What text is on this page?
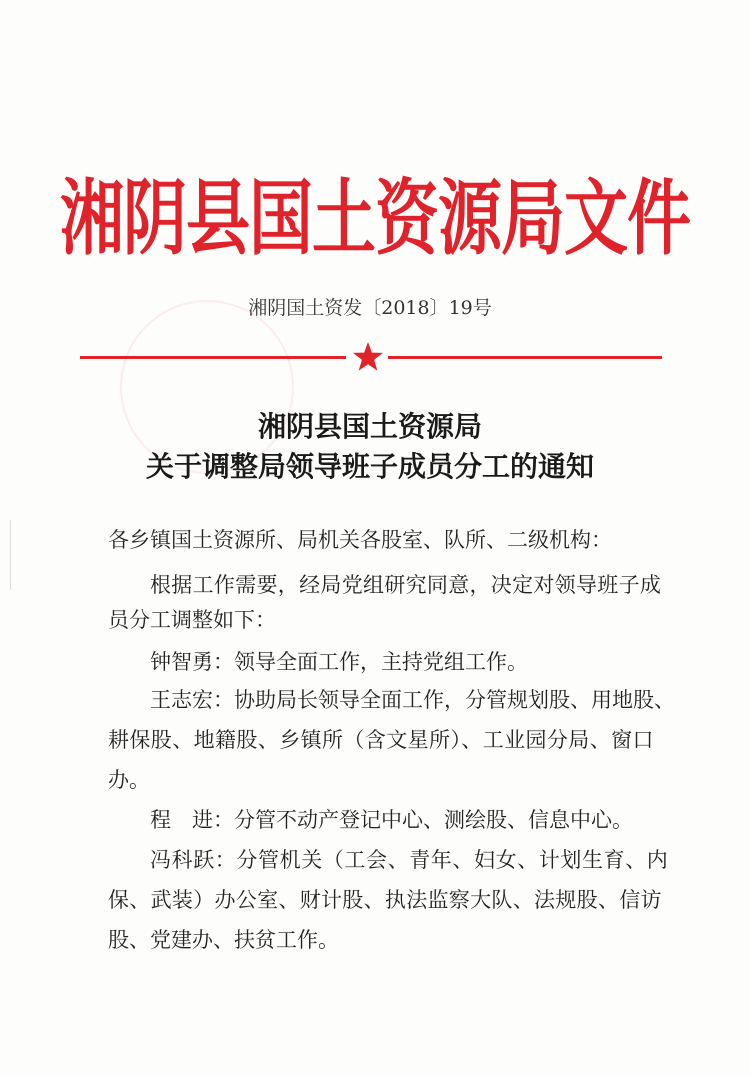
湘阴县国土资源局文件
湘阴国土资发〔2018〕19号
湘阴县国土资源局
关于调整局领导班子成员分工的通知
各乡镇国土资源所、局机关各股室、队所、二级机构：
根据工作需要，经局党组研究同意，决定对领导班子成
员分工调整如下：
钟智勇：领导全面工作，主持党组工作。
王志宏：协助局长领导全面工作，分管规划股、用地股、
耕保股、地籍股、乡镇所（含文星所）、工业园分局、窗口
办。
程　进：分管不动产登记中心、测绘股、信息中心。
冯科跃：分管机关（工会、青年、妇女、计划生育、内
保、武装）办公室、财计股、执法监察大队、法规股、信访
股、党建办、扶贫工作。
